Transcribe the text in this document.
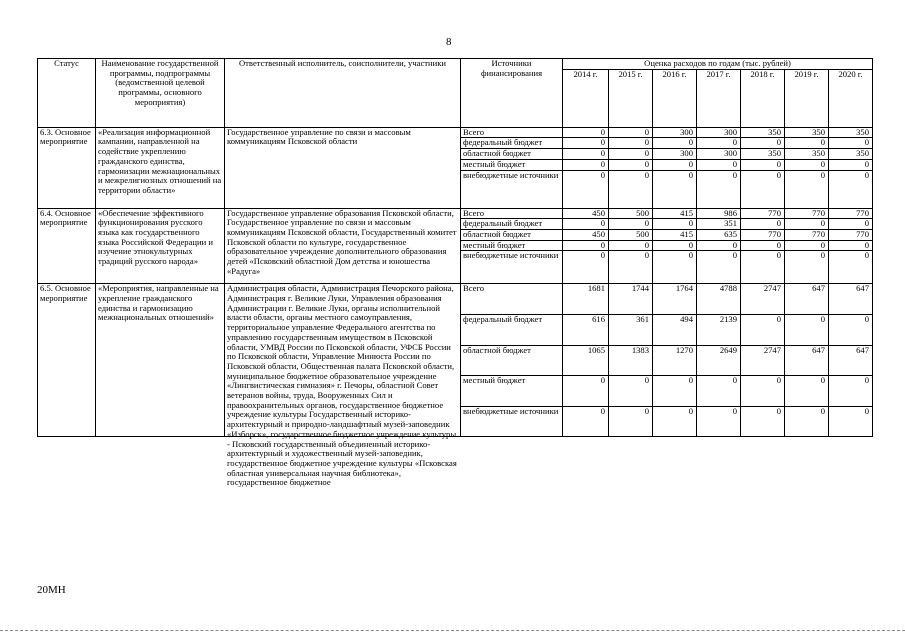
8
Статус	Наименование государственной программы, подпрограммы (ведомственной целевой программы, основного мероприятия)	Ответственный исполнитель, соисполнители, участники	Источники финансирования	Оценка расходов по годам (тыс. рублей)						
				2014 г.	2015 г.	2016 г.	2017 г.	2018 г.	2019 г.	2020 г.
6.3. Основное мероприятие	«Реализация информационной кампании, направленной на содействие укреплению гражданского единства, гармонизации межнациональных и межрелигиозных отношений на территории области»	Государственное управление по связи и массовым коммуникациям Псковской области	Всего	0	0	300	300	350	350	350
			федеральный бюджет	0	0	0	0	0	0	0
			областной бюджет	0	0	300	300	350	350	350
			местный бюджет	0	0	0	0	0	0	0
			внебюджетные источники	0	0	0	0	0	0	0
6.4. Основное мероприятие	«Обеспечение эффективного функционирования русского языка как государственного языка Российской Федерации и изучение этнокультурных традиций русского народа»	Государственное управление образования Псковской области, Государственное управление по связи и массовым коммуникациям Псковской области, Государственный комитет Псковской области по культуре, государственное образовательное учреждение дополнительного образования детей «Псковский областной Дом детства и юношества «Радуга»	Всего	450	500	415	986	770	770	770
			федеральный бюджет	0	0	0	351	0	0	0
			областной бюджет	450	500	415	635	770	770	770
			местный бюджет	0	0	0	0	0	0	0
			внебюджетные источники	0	0	0	0	0	0	0
6.5. Основное мероприятие	«Мероприятия, направленные на укрепление гражданского единства и гармонизацию межнациональных отношений»	Администрация области, Администрация Печорского района, Администрация г. Великие Луки, Управления образования Администрации г. Великие Луки, органы исполнительной власти области, органы местного самоуправления, территориальное управление Федерального агентства по управлению государственным имуществом в Псковской области, УМВД России по Псковской области, УФСБ России по Псковской области, Управление Минюста России по Псковской области, Общественная палата Псковской области, муниципальное бюджетное образовательное учреждение «Лингвистическая гимназия» г. Печоры, областной Совет ветеранов войны, труда, Вооруженных Сил и правоохранительных органов, государственное бюджетное учреждение культуры Государственный историко-архитектурный и природно-ландшафтный музей-заповедник «Изборск», государственное бюджетное учреждение культуры - Псковский государственный объединенный историко-архитектурный и художественный музей-заповедник, государственное бюджетное учреждение культуры «Псковская областная универсальная научная библиотека», государственное бюджетное	Всего	1681	1744	1764	4788	2747	647	647
			федеральный бюджет	616	361	494	2139	0	0	0
			областной бюджет	1065	1383	1270	2649	2747	647	647
			местный бюджет	0	0	0	0	0	0	0
			внебюджетные источники	0	0	0	0	0	0	0
20МН
